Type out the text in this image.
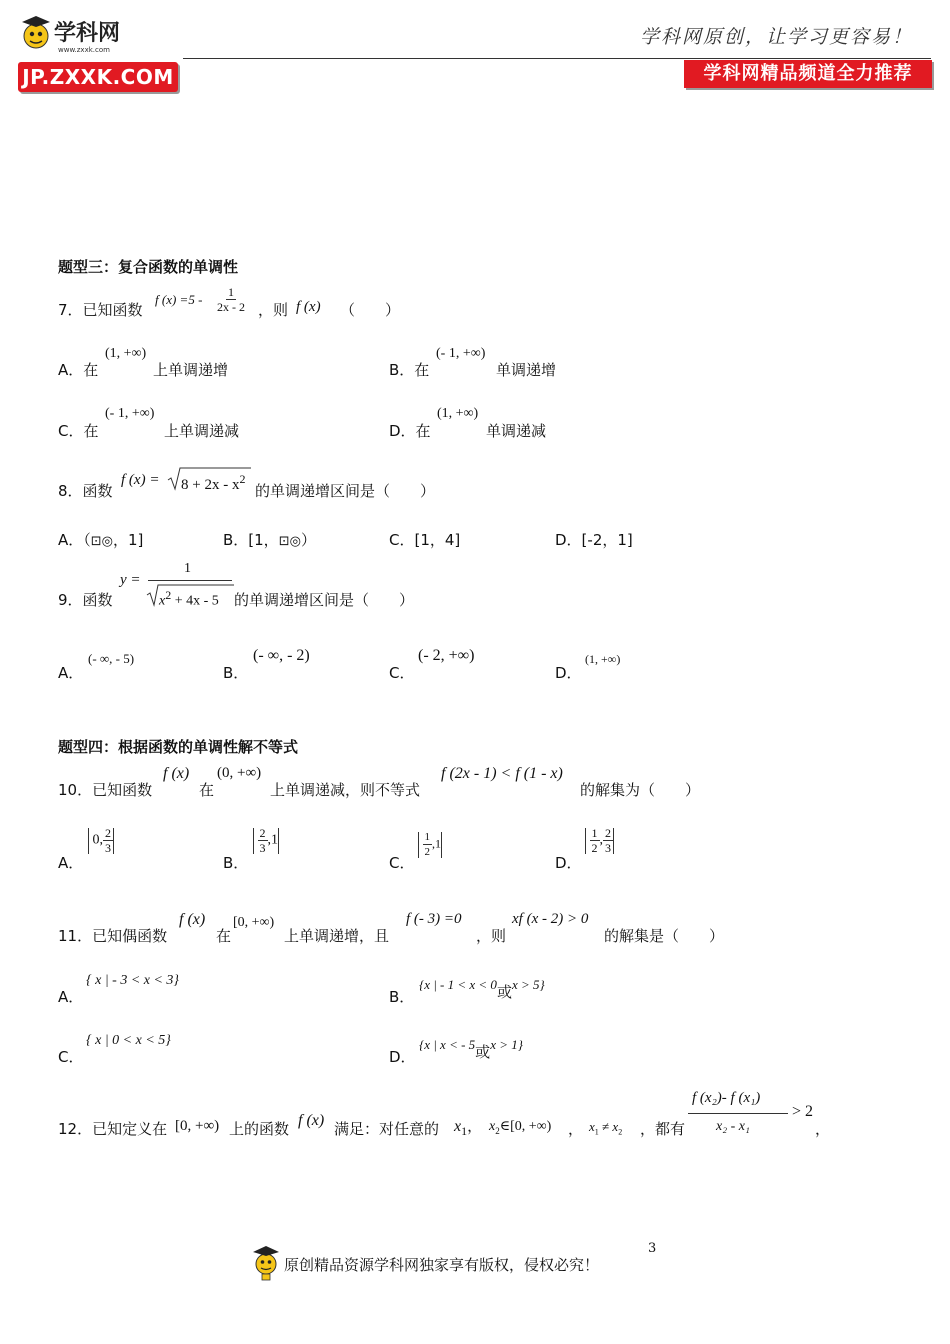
学科网
www.zxxk.com
JP.ZXXK.COM
学科网原创，让学习更容易！
学科网精品频道全力推荐
题型三：复合函数的单调性
7．已知函数
f $(x) =5 - \frac{1}{2x - 2}$ ，则 f (x) （　　）
A．在
(1, +∞)
上单调递增	B．在
(- 1, +∞)
单调递增
C．在
(- 1, +∞)
上单调递减	D．在
(1, +∞)
单调递减
8．函数
f $(x) = 8 + 2x - x^2$
的单调递增区间是（　　）
A．（⊡◎，1]	B．[1，⊡◎）	C．[1，4]	D．[-2，1]
9．函数
y =
1
$x^2 + 4x - 5$ 的单调递增区间是（　　）
A．
(- ∞, - 5)
B．
(- ∞, - 2)
C．
(- 2, +∞)
D．
(1, +∞)
题型四：根据函数的单调性解不等式
10．已知函数
f (x)
在
(0, +∞)
上单调递减，则不等式
f (2x - 1) < f (1 - x)
的解集为（　　）
A．
0, $\frac{2}{3}$
B．

$\frac{2}{3} ,1$
C．

$\frac{1}{2} ,1$
D．

$\frac{1}{2}$ , $\frac{2}{3}$
11．已知偶函数
f (x)
在
[0, +∞)
上单调递增，且
f (- 3) =0
，则
xf (x - 2) > 0
的解集是（　　）
A．
{ x | - 3 < x < 3}
B．
{x | - 1 < x < 0或x > 5}
C．
{ x | 0 < x < 5}
D．
{x | x < - 5或x > 1}
12．已知定义在 [0, +∞) 上的函数 f (x) 满足：对任意的 $x_1$， $x_2\in[0$, +∞) ， $x_1 \ne x_2$ ，都有
f (x₂)- f (x₁)
x₂ - x₁
> 2
，
原创精品资源学科网独家享有版权，侵权必究！
3
